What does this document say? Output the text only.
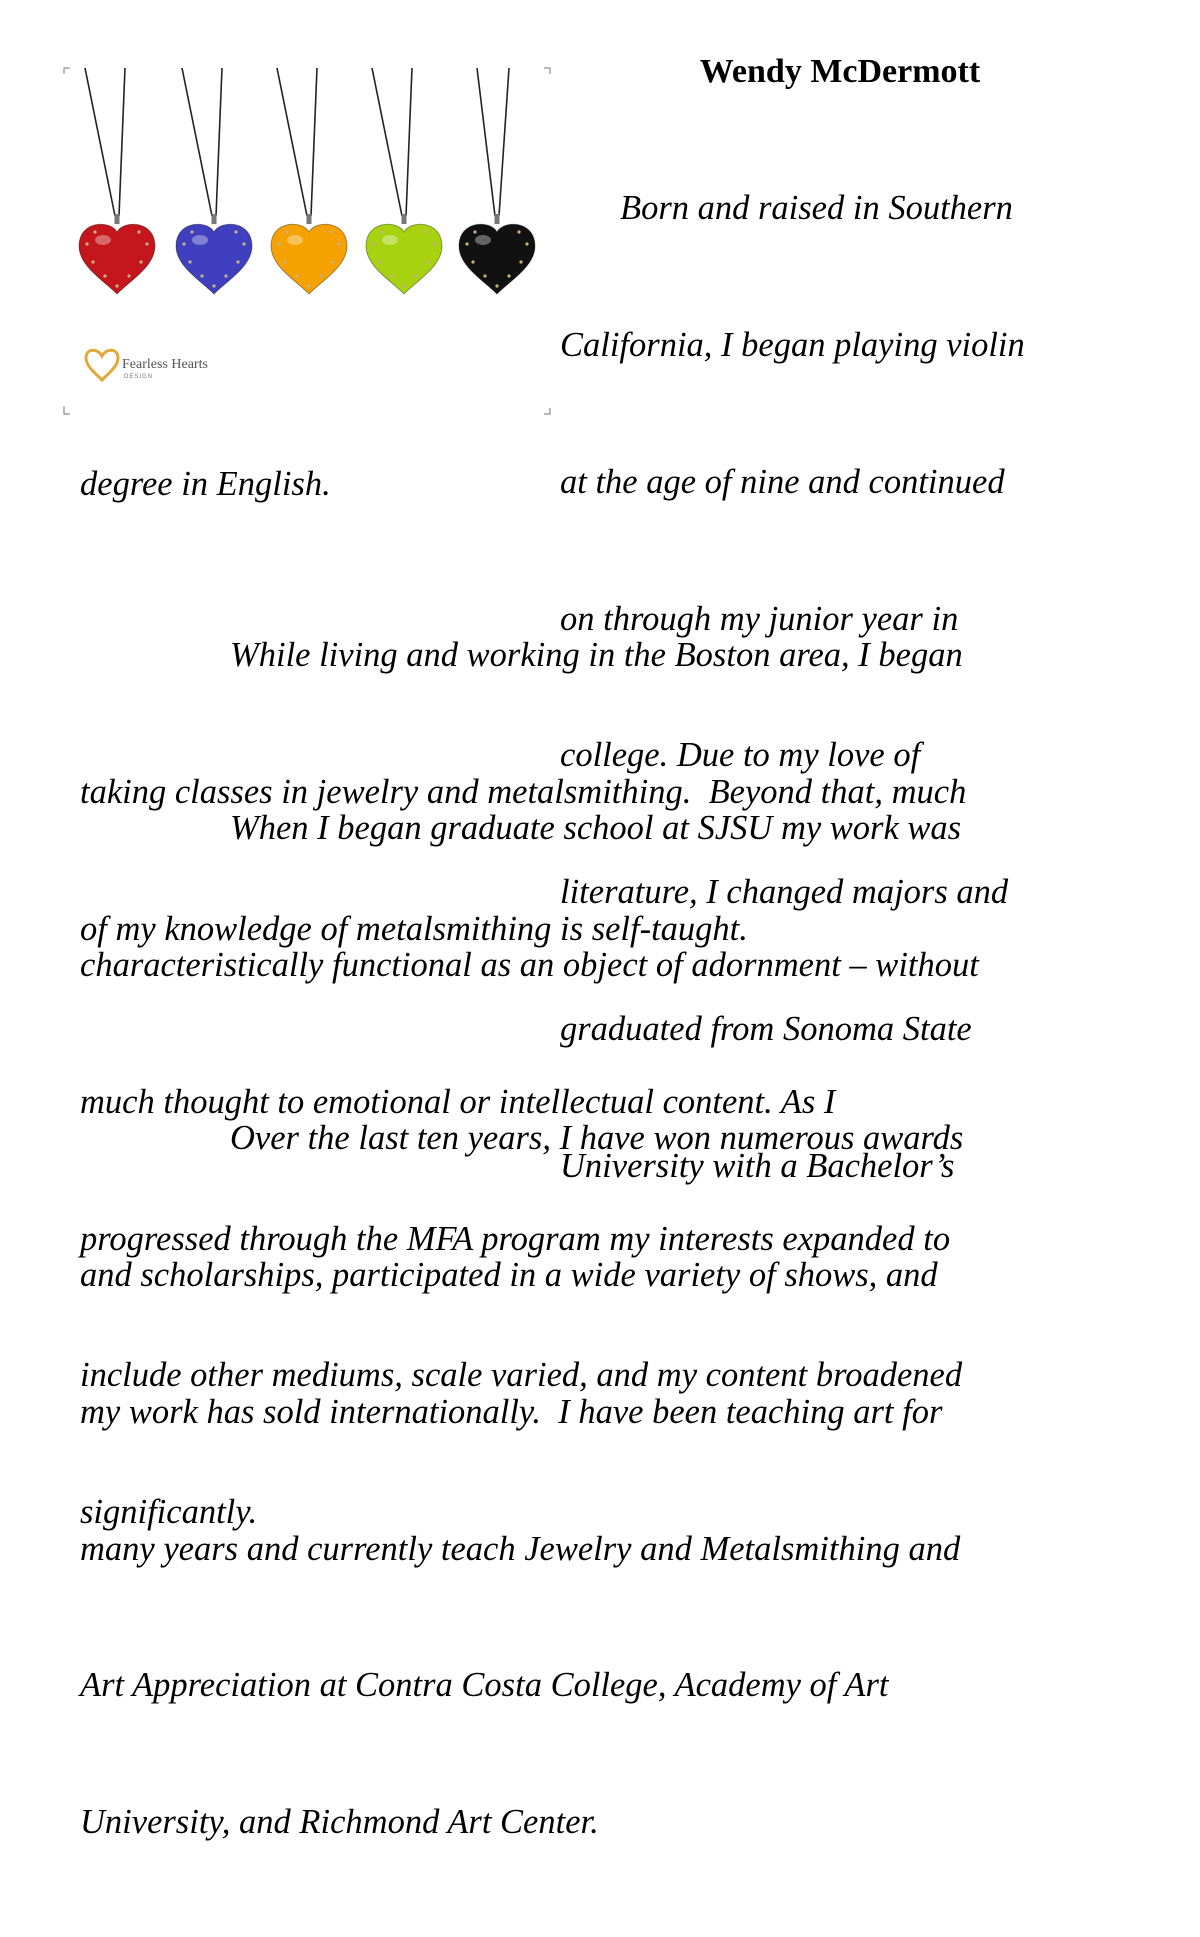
Fearless Hearts
DESIGN
Wendy McDermott

Born and raised in Southern

California, I began playing violin

at the age of nine and continued

on through my junior year in

college. Due to my love of

literature, I changed majors and

graduated from Sonoma State

University with a Bachelor’s

degree in English.

While living and working in the Boston area, I began

taking classes in jewelry and metalsmithing.  Beyond that, much

of my knowledge of metalsmithing is self-taught.

When I began graduate school at SJSU my work was

characteristically functional as an object of adornment – without

much thought to emotional or intellectual content. As I

progressed through the MFA program my interests expanded to

include other mediums, scale varied, and my content broadened

significantly.

Over the last ten years, I have won numerous awards

and scholarships, participated in a wide variety of shows, and

my work has sold internationally.  I have been teaching art for

many years and currently teach Jewelry and Metalsmithing and

Art Appreciation at Contra Costa College, Academy of Art

University, and Richmond Art Center.
